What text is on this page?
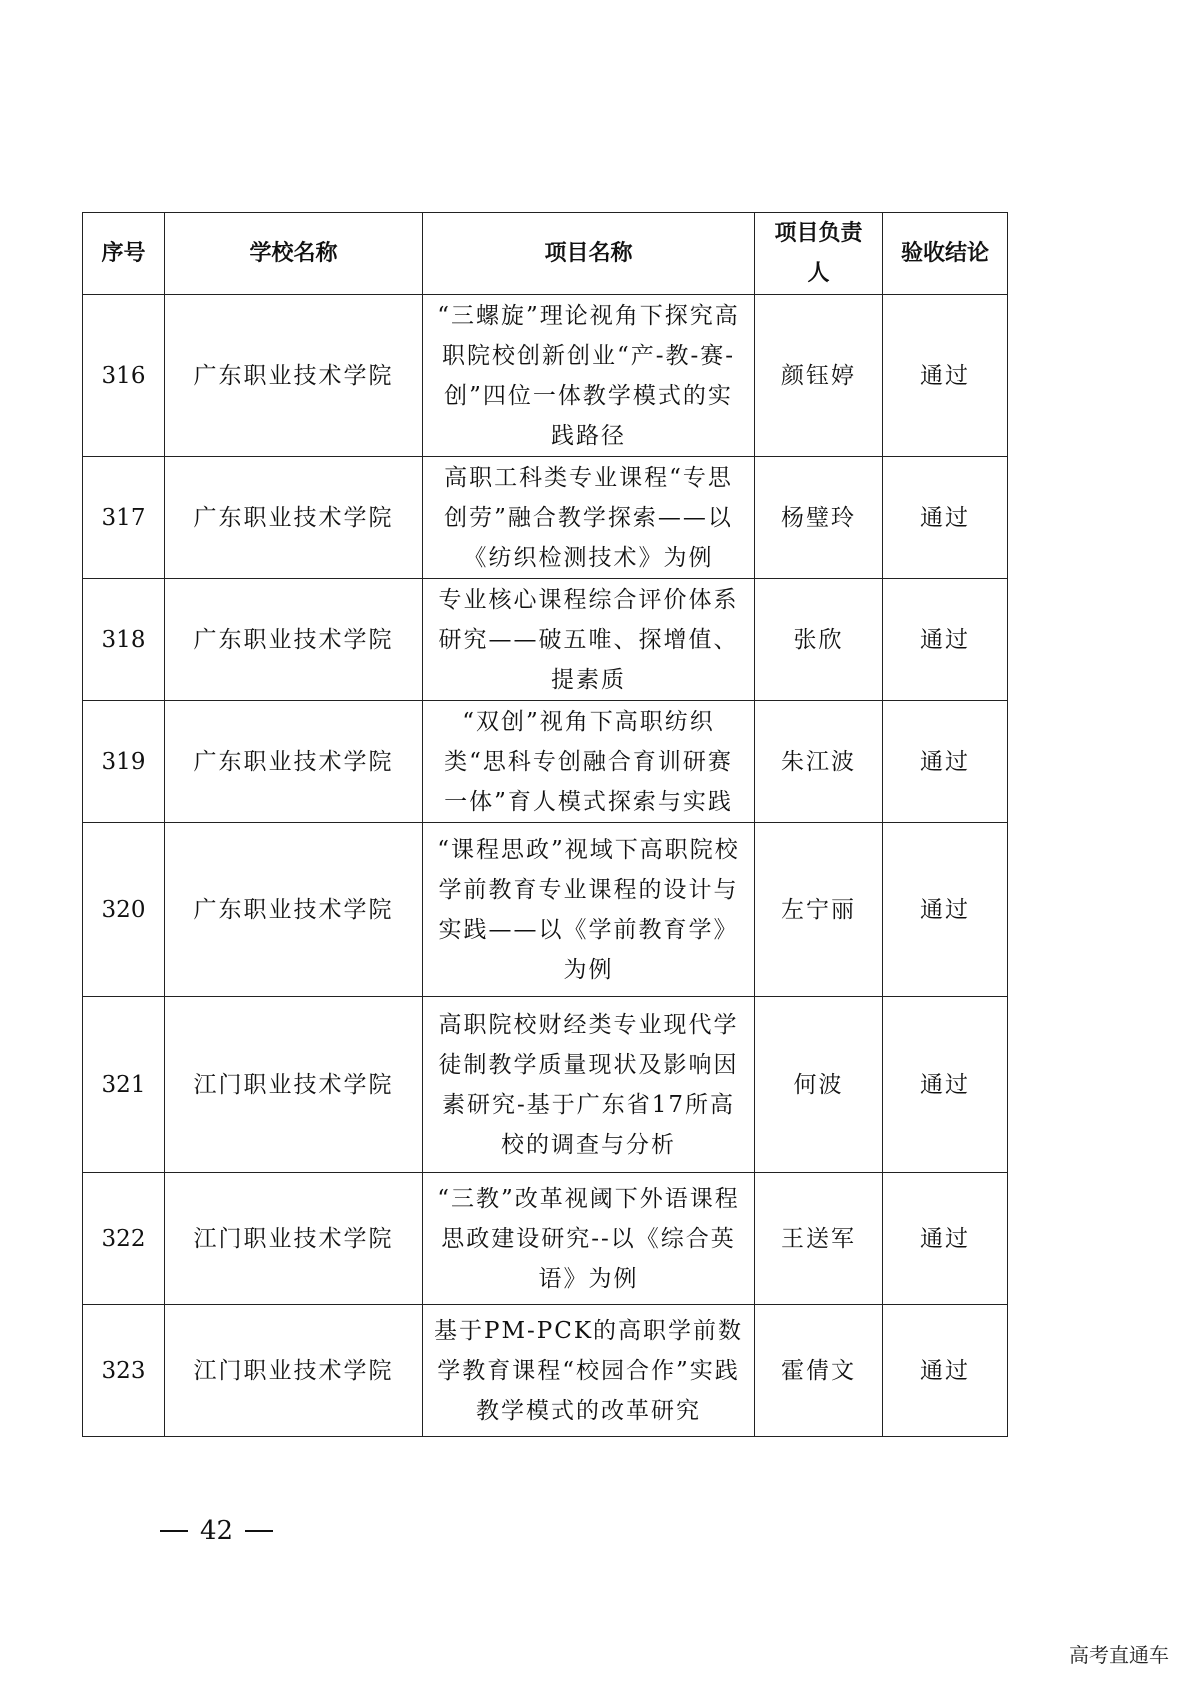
序号	学校名称	项目名称	项目负责人	验收结论
316	广东职业技术学院	“三螺旋”理论视角下探究高职院校创新创业“产-教-赛-创”四位一体教学模式的实践路径	颜钰婷	通过
317	广东职业技术学院	高职工科类专业课程“专思创劳”融合教学探索——以《纺织检测技术》为例	杨璧玲	通过
318	广东职业技术学院	专业核心课程综合评价体系研究——破五唯、探增值、提素质	张欣	通过
319	广东职业技术学院	“双创”视角下高职纺织类“思科专创融合育训研赛一体”育人模式探索与实践	朱江波	通过
320	广东职业技术学院	“课程思政”视域下高职院校学前教育专业课程的设计与实践——以《学前教育学》为例	左宁丽	通过
321	江门职业技术学院	高职院校财经类专业现代学徒制教学质量现状及影响因素研究-基于广东省17所高校的调查与分析	何波	通过
322	江门职业技术学院	“三教”改革视阈下外语课程思政建设研究--以《综合英语》为例	王送军	通过
323	江门职业技术学院	基于PM-PCK的高职学前数学教育课程“校园合作”实践教学模式的改革研究	霍倩文	通过
42
高考直通车
